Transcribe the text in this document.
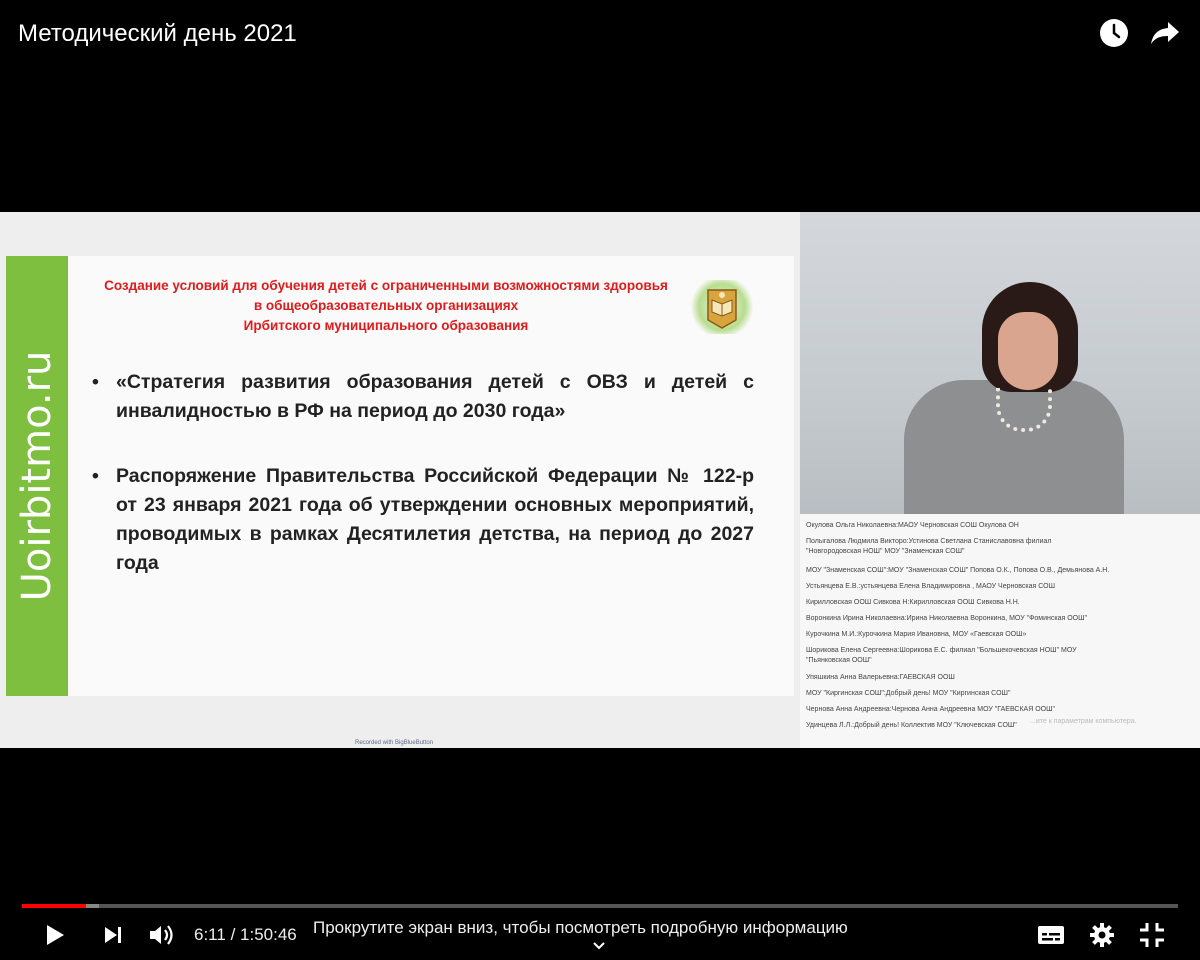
Методический день 2021
Uoirbitmo.ru
Создание условий для обучения детей с ограниченными возможностями здоровья
в общеобразовательных организациях
Ирбитского муниципального образования
• «Стратегия развития образования детей с ОВЗ и детей с инвалидностью в РФ на период до 2030 года»
• Распоряжение Правительства Российской Федерации № 122-р от 23 января 2021 года об утверждении основных мероприятий, проводимых в рамках Десятилетия детства, на период до 2027 года
Recorded with BigBlueButton
Окулова Ольга Николаевна:МАОУ Черновская СОШ Окулова ОН
Полыгалова Людмила Викторо:Устинова Светлана Станиславовна филиал
"Новгородовская НОШ" МОУ "Знаменская СОШ"
МОУ "Знаменская СОШ":МОУ "Знаменская СОШ" Попова О.К., Попова О.В., Демьянова А.Н.
Устьянцева Е.В.:устьянцева Елена Владимировна , МАОУ Черновская СОШ
Кирилловская ООШ Сивкова Н:Кирилловская ООШ Сивкова Н.Н.
Воронкина Ирина Николаевна:Ирина Николаевна Воронкина, МОУ "Фоминская ООШ"
Курочкина М.И.:Курочкина Мария Ивановна, МОУ «Гаевская ООШ»
Шорикова Елена Сергеевна:Шорикова Е.С. филиал "Большекочевская НОШ" МОУ
"Пьянковская ООШ"
Упяшкина Анна Валерьевна:ГАЕВСКАЯ ООШ
МОУ "Киргинская СОШ":Добрый день! МОУ "Киргинская СОШ"
Чернова Анна Андреевна:Чернова Анна Андреевна МОУ "ГАЕВСКАЯ ООШ"
Удинцева Л.Л.:Добрый день! Коллектив МОУ "Ключевская СОШ"
...ите к параметрам компьютера.
6:11 / 1:50:46 Прокрутите экран вниз, чтобы посмотреть подробную информацию
